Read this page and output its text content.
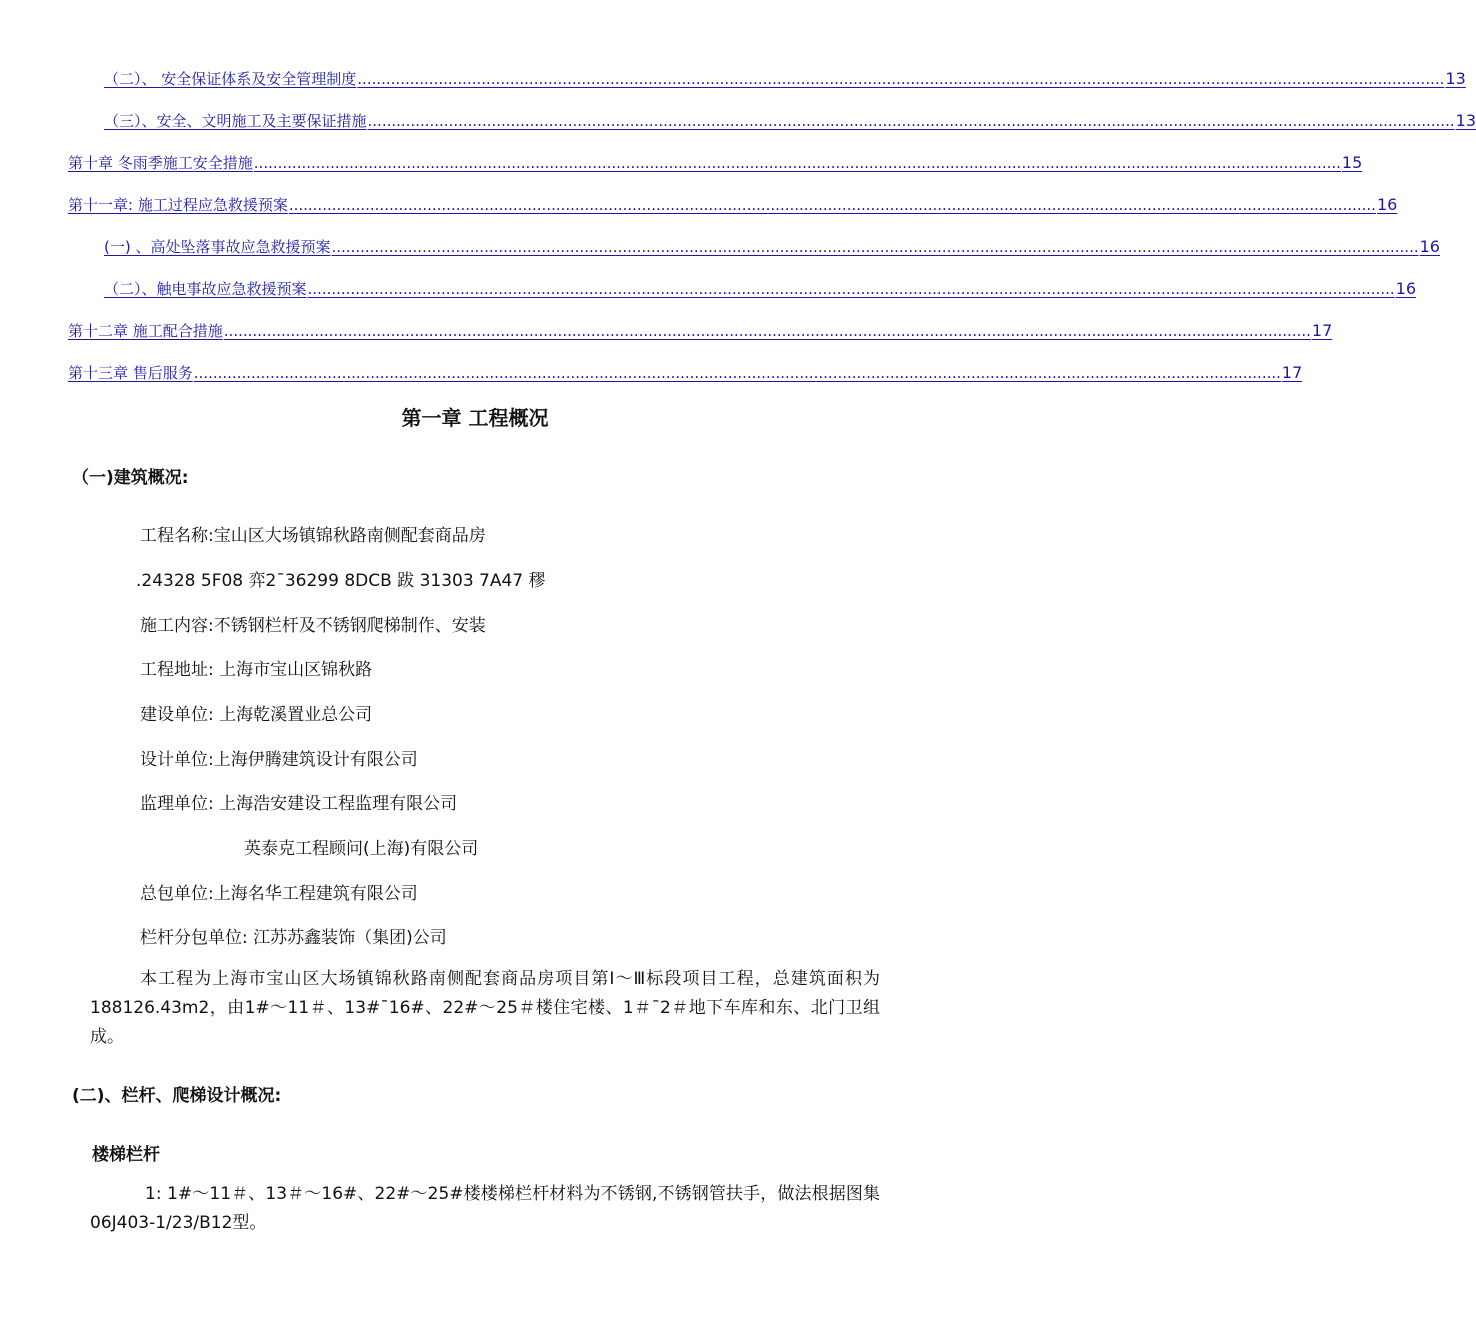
（二）、 安全保证体系及安全管理制度 .................................................................................................................................................................................................................................... 13
（三）、安全、文明施工及主要保证措施 .................................................................................................................................................................................................................................... 13
第十章 冬雨季施工安全措施 .................................................................................................................................................................................................................................... 15
第十一章: 施工过程应急救援预案 .................................................................................................................................................................................................................................... 16
(一) 、高处坠落事故应急救援预案 .................................................................................................................................................................................................................................... 16
（二）、触电事故应急救援预案 .................................................................................................................................................................................................................................... 16
第十二章 施工配合措施 .................................................................................................................................................................................................................................... 17
第十三章 售后服务 .................................................................................................................................................................................................................................... 17
第一章 工程概况
（一)建筑概况:
工程名称:宝山区大场镇锦秋路南侧配套商品房
.24328 5F08 弈2¯36299 8DCB 跋 31303 7A47 穋
施工内容:不锈钢栏杆及不锈钢爬梯制作、安装
工程地址: 上海市宝山区锦秋路
建设单位: 上海乾溪置业总公司
设计单位:上海伊腾建筑设计有限公司
监理单位: 上海浩安建设工程监理有限公司
英泰克工程顾问(上海)有限公司
总包单位:上海名华工程建筑有限公司
栏杆分包单位: 江苏苏鑫装饰（集团)公司
本工程为上海市宝山区大场镇锦秋路南侧配套商品房项目第Ⅰ～Ⅲ标段项目工程，总建筑面积为188126.43m2，由1#～11＃、13#¯16#、22#～25＃楼住宅楼、1＃¯2＃地下车库和东、北门卫组成。
(二)、栏杆、爬梯设计概况:
楼梯栏杆
1: 1#～11＃、13＃～16#、22#～25#楼楼梯栏杆材料为不锈钢,不锈钢管扶手，做法根据图集06J403-1/23/B12型。
